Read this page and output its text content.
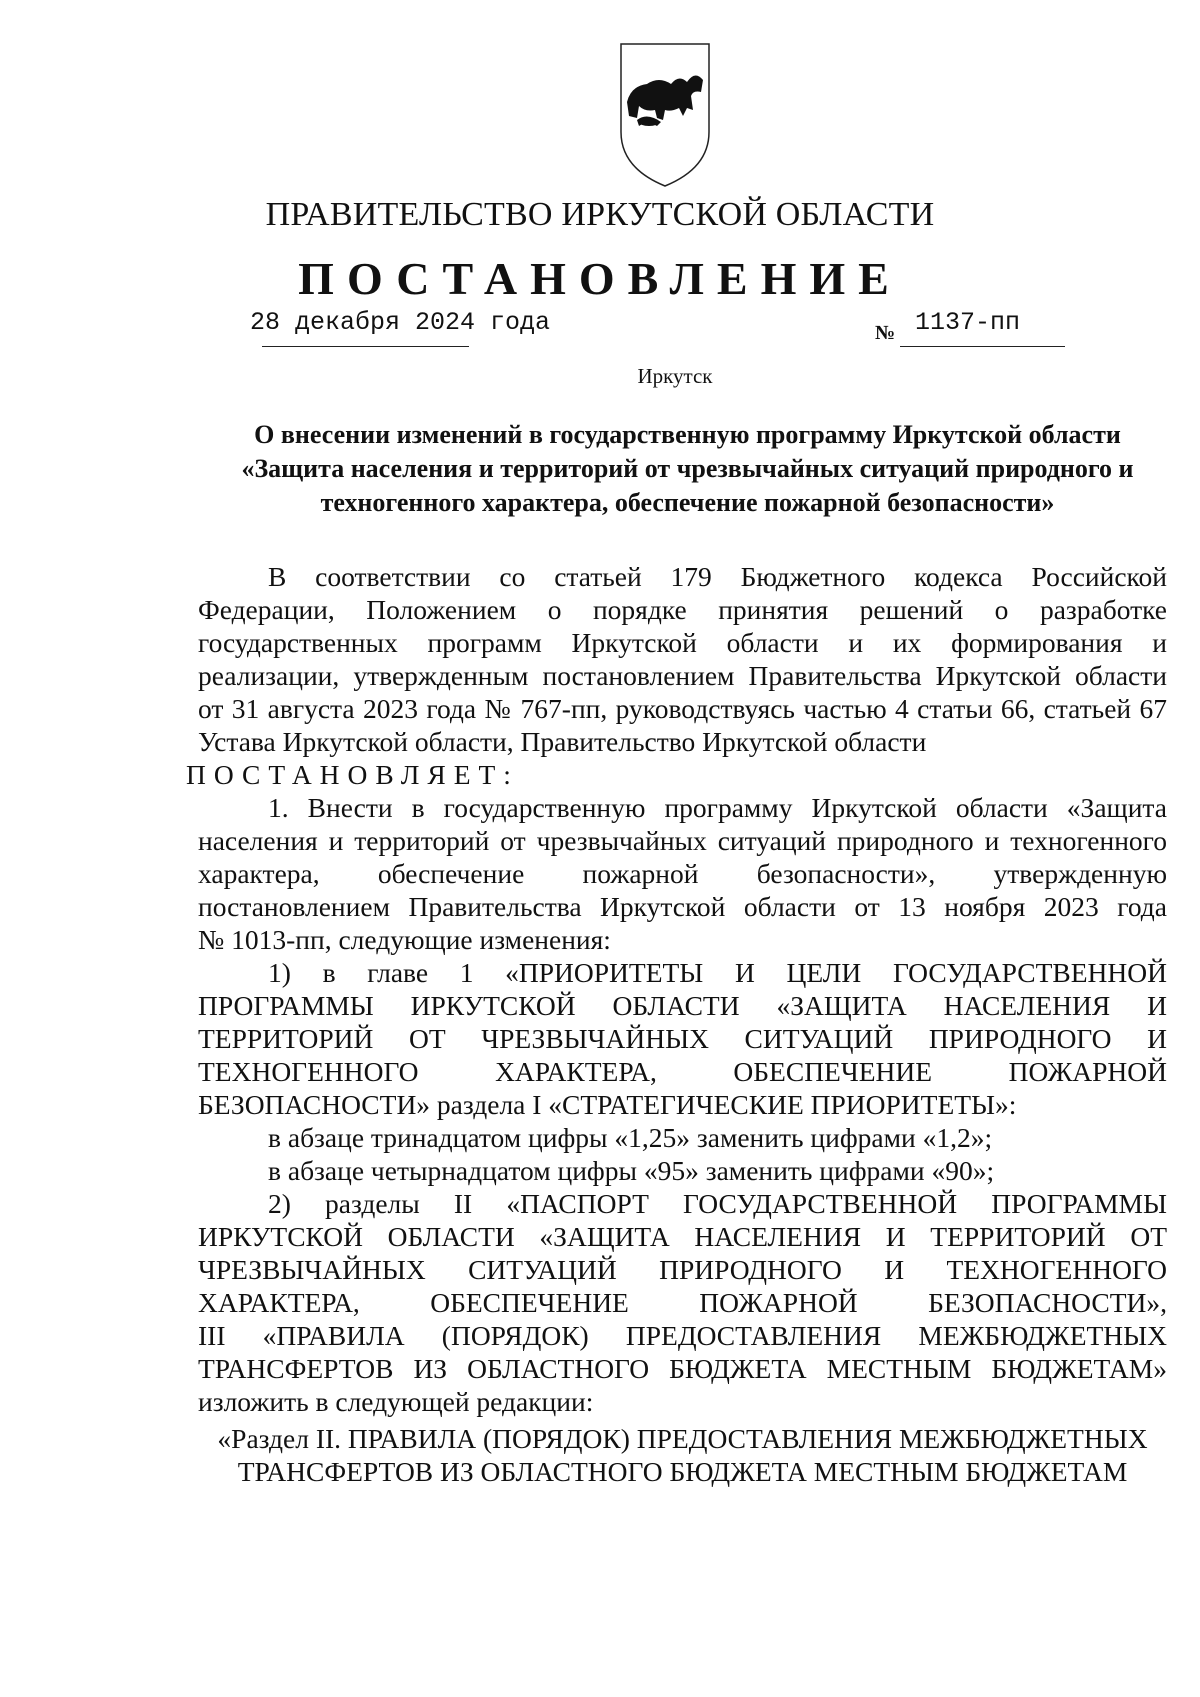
ПРАВИТЕЛЬСТВО ИРКУТСКОЙ ОБЛАСТИ
ПОСТАНОВЛЕНИЕ
28 декабря 2024 года	№ 1137-пп
Иркутск
О внесении изменений в государственную программу Иркутской области
«Защита населения и территорий от чрезвычайных ситуаций природного и
техногенного характера, обеспечение пожарной безопасности»

В соответствии со статьей 179 Бюджетного кодекса Российской

Федерации, Положением о порядке принятия решений о разработке

государственных программ Иркутской области и их формирования и

реализации, утвержденным постановлением Правительства Иркутской области

от 31 августа 2023 года № 767-пп, руководствуясь частью 4 статьи 66, статьей 67

Устава Иркутской области, Правительство Иркутской области

ПОСТАНОВЛЯЕТ:

1. Внести в государственную программу Иркутской области «Защита

населения и территорий от чрезвычайных ситуаций природного и техногенного

характера, обеспечение пожарной безопасности», утвержденную

постановлением Правительства Иркутской области от 13 ноября 2023 года

№ 1013-пп, следующие изменения:

1) в главе 1 «ПРИОРИТЕТЫ И ЦЕЛИ ГОСУДАРСТВЕННОЙ

ПРОГРАММЫ ИРКУТСКОЙ ОБЛАСТИ «ЗАЩИТА НАСЕЛЕНИЯ И

ТЕРРИТОРИЙ ОТ ЧРЕЗВЫЧАЙНЫХ СИТУАЦИЙ ПРИРОДНОГО И

ТЕХНОГЕННОГО ХАРАКТЕРА, ОБЕСПЕЧЕНИЕ ПОЖАРНОЙ

БЕЗОПАСНОСТИ» раздела I «СТРАТЕГИЧЕСКИЕ ПРИОРИТЕТЫ»:

в абзаце тринадцатом цифры «1,25» заменить цифрами «1,2»;

в абзаце четырнадцатом цифры «95» заменить цифрами «90»;

2) разделы II «ПАСПОРТ ГОСУДАРСТВЕННОЙ ПРОГРАММЫ

ИРКУТСКОЙ ОБЛАСТИ «ЗАЩИТА НАСЕЛЕНИЯ И ТЕРРИТОРИЙ ОТ

ЧРЕЗВЫЧАЙНЫХ СИТУАЦИЙ ПРИРОДНОГО И ТЕХНОГЕННОГО

ХАРАКТЕРА, ОБЕСПЕЧЕНИЕ ПОЖАРНОЙ БЕЗОПАСНОСТИ»,

III «ПРАВИЛА (ПОРЯДОК) ПРЕДОСТАВЛЕНИЯ МЕЖБЮДЖЕТНЫХ

ТРАНСФЕРТОВ ИЗ ОБЛАСТНОГО БЮДЖЕТА МЕСТНЫМ БЮДЖЕТАМ»

изложить в следующей редакции:

«Раздел II. ПРАВИЛА (ПОРЯДОК) ПРЕДОСТАВЛЕНИЯ МЕЖБЮДЖЕТНЫХ

ТРАНСФЕРТОВ ИЗ ОБЛАСТНОГО БЮДЖЕТА МЕСТНЫМ БЮДЖЕТАМ
